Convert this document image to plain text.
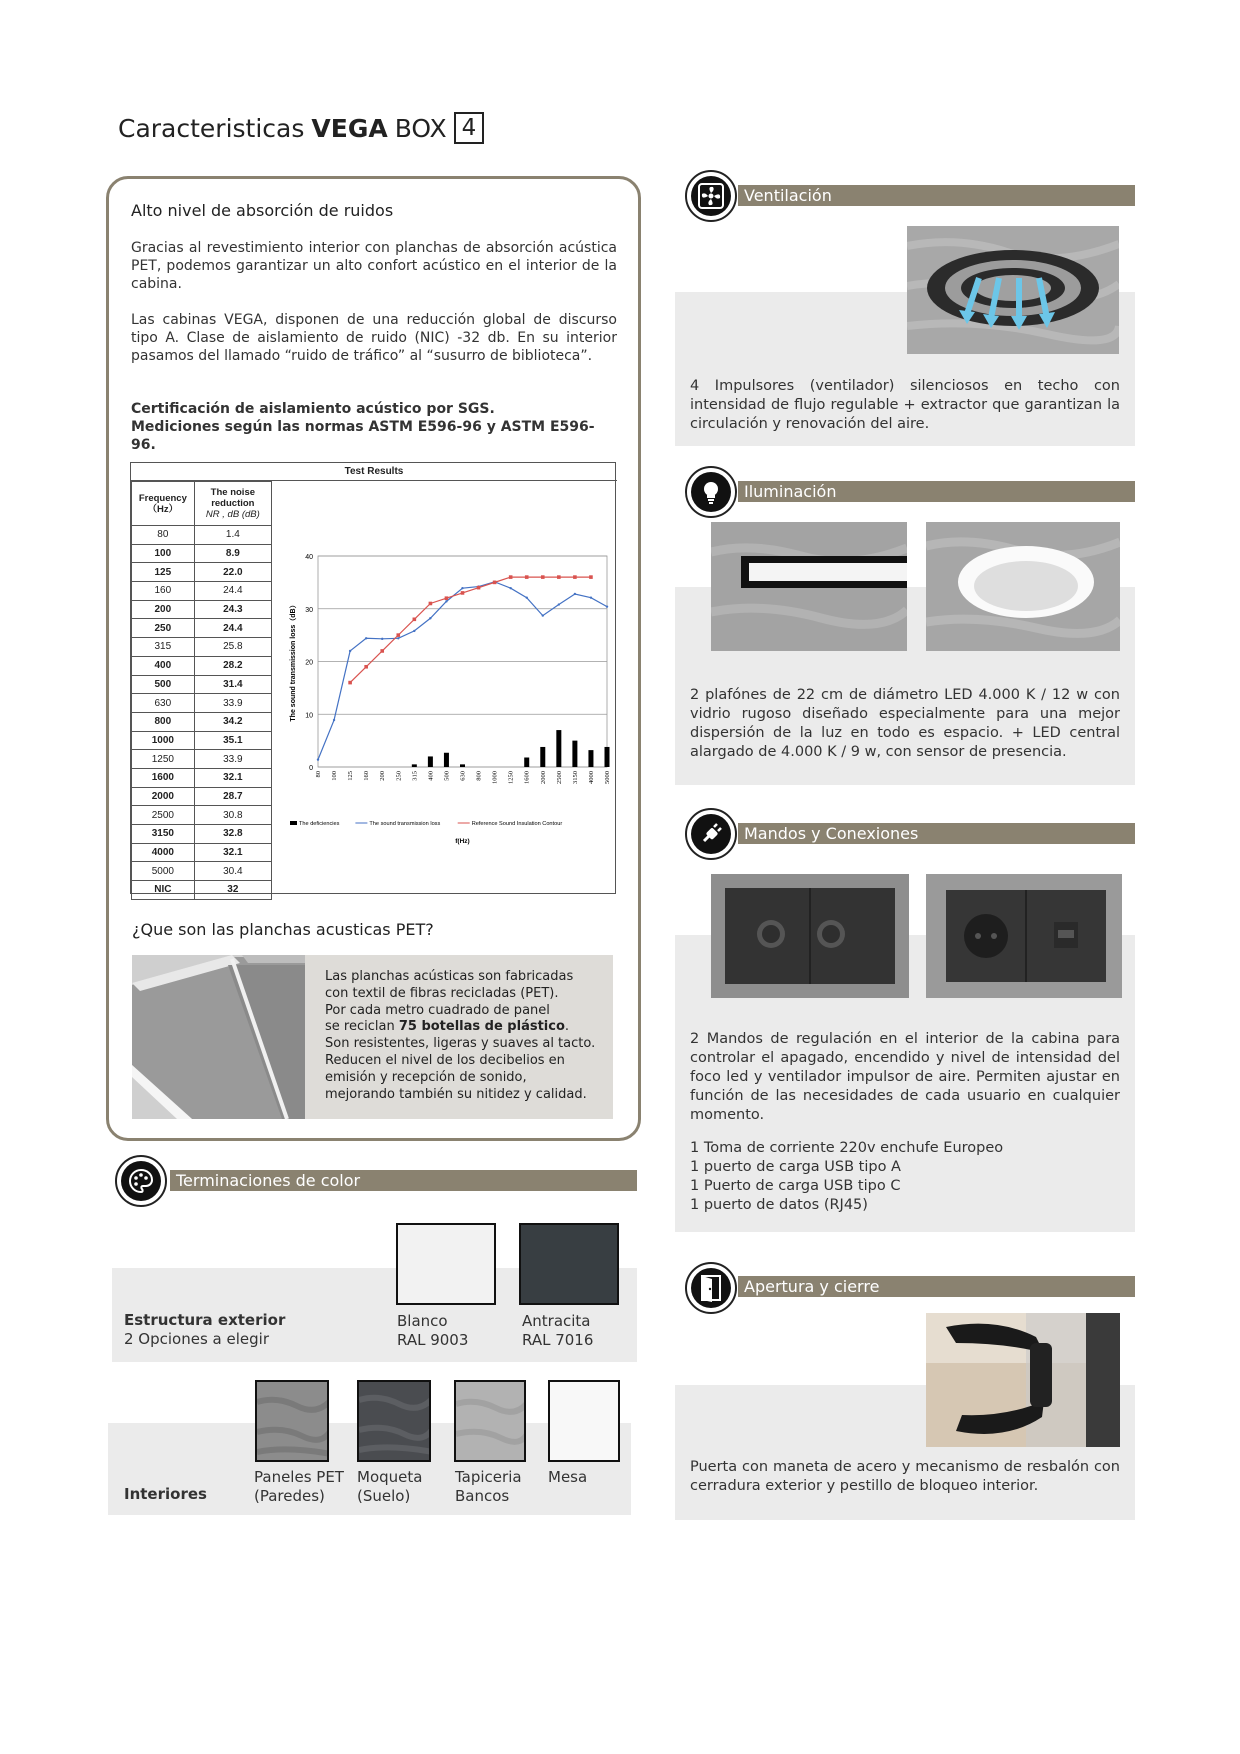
Caracteristicas VEGA BOX 4
Alto nivel de absorción de ruidos
Gracias al revestimiento interior con planchas de absorción acústica PET, podemos garantizar un alto confort acústico en el interior de la cabina.
Las cabinas VEGA, disponen de una reducción global de discurso tipo A. Clase de aislamiento de ruido (NIC) -32 db. En su interior pasamos del llamado “ruido de tráfico” al “susurro de biblioteca”.
Certificación de aislamiento acústico por SGS.
Mediciones según las normas ASTM E596-96 y ASTM E596-96.
Test Results
Frequency （Hz）	The noise reduction
NR , dB (dB)
80	1.4
100	8.9
125	22.0
160	24.4
200	24.3
250	24.4
315	25.8
400	28.2
500	31.4
630	33.9
800	34.2
1000	35.1
1250	33.9
1600	32.1
2000	28.7
2500	30.8
3150	32.8
4000	32.1
5000	30.4
NIC	32
0
10
20
30
40
The sound transmission loss（dB）
80 100 125 160 200 250 315 400 500 630 800 1000 1250 1600 2000 2500 3150 4000 5000
The deficiencies	The sound transmission loss	Reference Sound Insulation Contour
f(Hz)
¿Que son las planchas acusticas PET?
Las planchas acústicas son fabricadas
con textil de fibras recicladas (PET).
Por cada metro cuadrado de panel
se reciclan 75 botellas de plástico.
Son resistentes, ligeras y suaves al tacto.
Reducen el nivel de los decibelios en
emisión y recepción de sonido,
mejorando también su nitidez y calidad.
Terminaciones de color
Estructura exterior
2 Opciones a elegir
Blanco
RAL 9003
Antracita
RAL 7016
Interiores
Paneles PET
(Paredes)
Moqueta
(Suelo)
Tapiceria
Bancos
Mesa
Ventilación
4 Impulsores (ventilador) silenciosos en techo con intensidad de flujo regulable + extractor que garantizan la circulación y renovación del aire.
Iluminación
2 plafónes de 22 cm de diámetro LED 4.000 K / 12 w con vidrio rugoso diseñado especialmente para una mejor dispersión de la luz en todo es espacio. + LED central alargado de 4.000 K / 9 w, con sensor de presencia.
Mandos y Conexiones
2 Mandos de regulación en el interior de la cabina para controlar el apagado, encendido y nivel de intensidad del foco led y ventilador impulsor de aire. Permiten ajustar en función de las necesidades de cada usuario en cualquier momento.
1 Toma de corriente 220v enchufe Europeo
1 puerto de carga USB tipo A
1 Puerto de carga USB tipo C
1 puerto de datos (RJ45)
Apertura y cierre
Puerta con maneta de acero y mecanismo de resbalón con cerradura exterior y pestillo de bloqueo interior.
